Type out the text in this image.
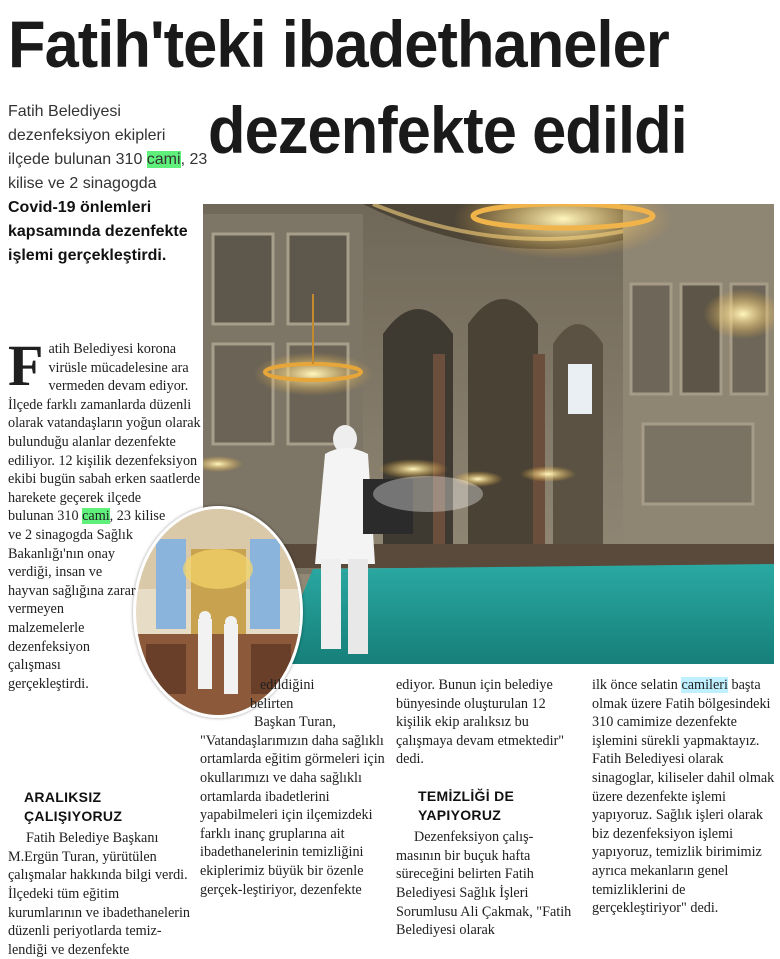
Fatih'teki ibadethaneler
dezenfekte edildi
Fatih Belediyesi dezenfeksiyon ekipleri ilçede bulunan 310 cami, 23 kilise ve 2 sinagogda Covid-19 önlemleri kapsamında dezenfekte işlemi gerçekleştirdi.
F atih Belediyesi korona virüsle mücadelesine ara vermeden devam ediyor. İlçede farklı zamanlarda düzenli olarak vatandaşların yoğun olarak bulunduğu alanlar dezenfekte ediliyor. 12 kişilik dezenfeksiyon ekibi bugün sabah erken saatlerde harekete geçerek ilçede bulunan 310 cami, 23 kilise ve 2 sinagogda Sağlık Bakanlığı'nın onay verdiği, insan ve hayvan sağlığına zarar vermeyen malzemelerle dezenfeksiyon çalışması gerçekleştirdi.

ARALIKSIZ ÇALIŞIYORUZ

Fatih Belediye Başkanı M.Ergün Turan, yürütülen çalışmalar hakkında bilgi verdi. İlçedeki tüm eğitim kurumlarının ve ibadethanelerin düzenli periyotlarda temiz-lendiği ve dezenfekte

edildiğini

belirten

Başkan Turan,

"Vatandaşlarımızın daha sağlıklı ortamlarda eğitim görmeleri için okullarımızı ve daha sağlıklı ortamlarda ibadetlerini yapabilmeleri için ilçemizdeki farklı inanç gruplarına ait ibadethanelerinin temizliğini ekiplerimiz büyük bir özenle gerçek-leştiriyor, dezenfekte

ediyor. Bunun için belediye bünyesinde oluşturulan 12 kişilik ekip aralıksız bu çalışmaya devam etmektedir" dedi.

TEMİZLİĞİ DE YAPIYORUZ

Dezenfeksiyon çalış-masının bir buçuk hafta süreceğini belirten Fatih Belediyesi Sağlık İşleri Sorumlusu Ali Çakmak, "Fatih Belediyesi olarak

ilk önce selatin camileri başta olmak üzere Fatih bölgesindeki 310 camimize dezenfekte işlemini sürekli yapmaktayız. Fatih Belediyesi olarak sinagoglar, kiliseler dahil olmak üzere dezenfekte işlemi yapıyoruz. Sağlık işleri olarak biz dezenfeksiyon işlemi yapıyoruz, temizlik birimimiz ayrıca mekanların genel temizliklerini de gerçekleştiriyor" dedi.
